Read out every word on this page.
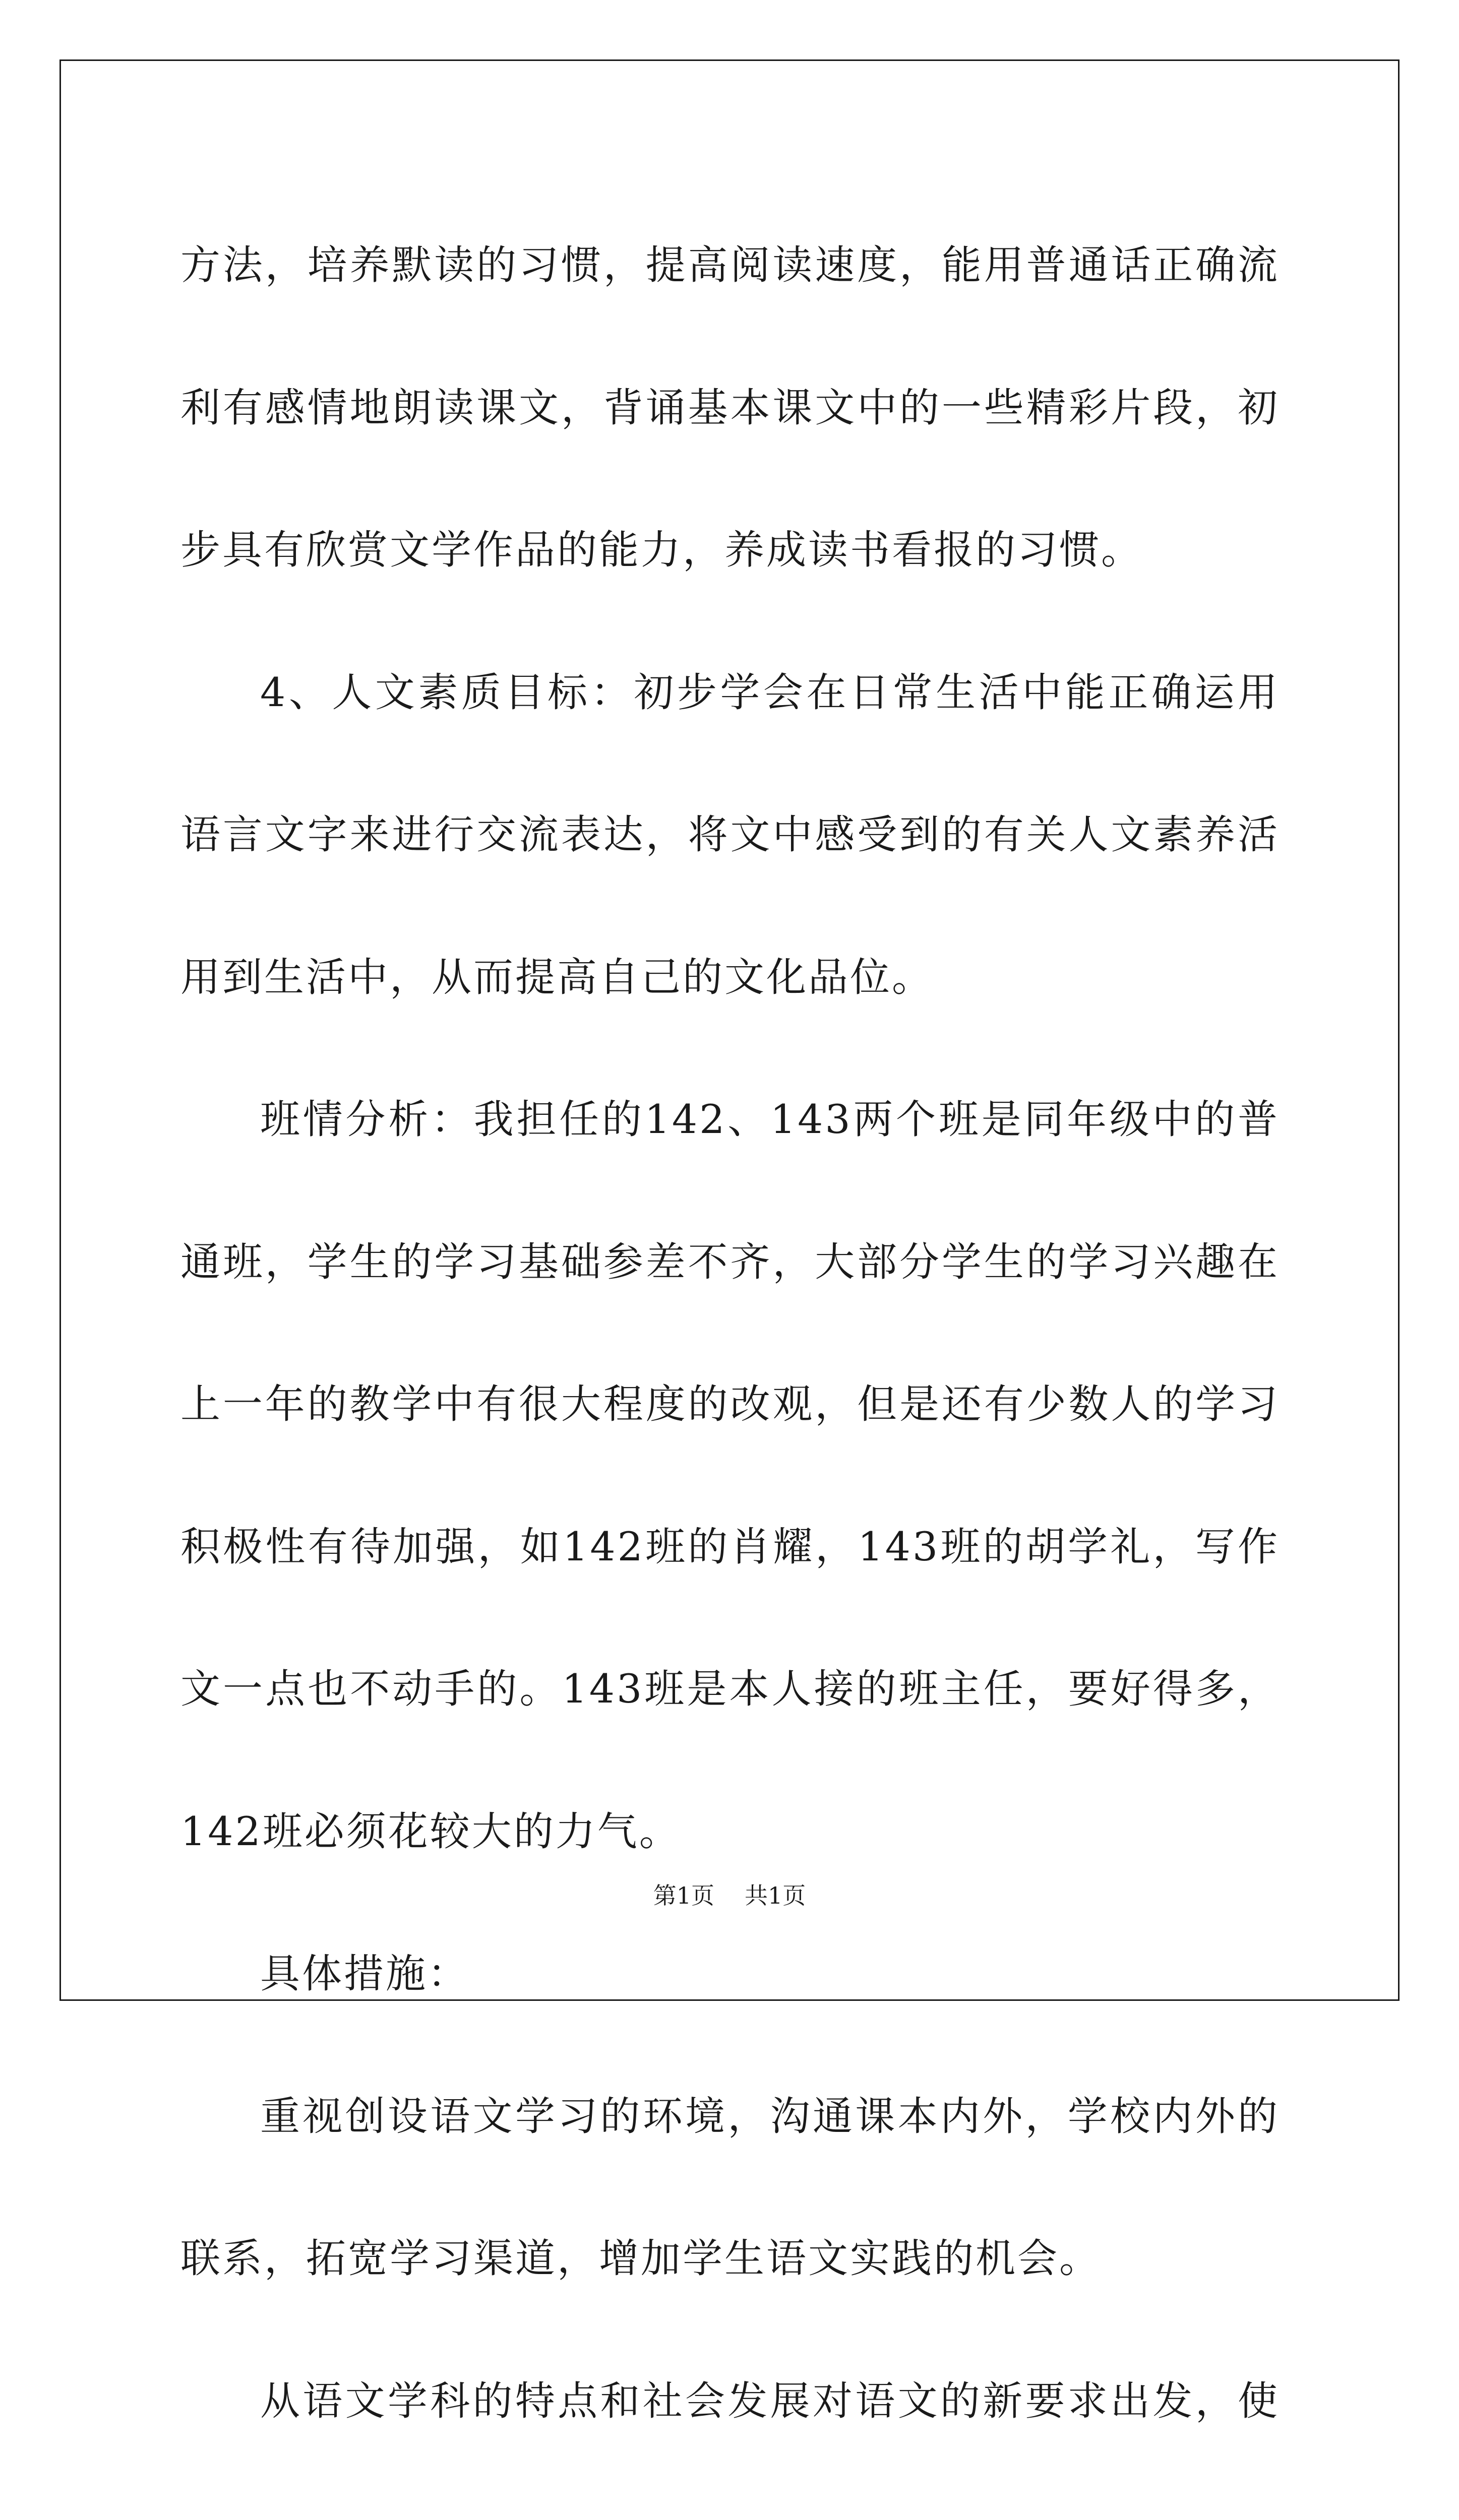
方法，培养默读的习惯，提高阅读速度，能用普通话正确流利有感情地朗读课文，背诵基本课文中的一些精彩片段，初步具有欣赏文学作品的能力，养成读书看报的习惯。

4、人文素质目标：初步学会在日常生活中能正确运用语言文字来进行交流表达，将文中感受到的有关人文素养活用到生活中，从而提高自己的文化品位。

班情分析：我担任的142、143两个班是同年级中的普通班，学生的学习基础参差不齐，大部分学生的学习兴趣在上一年的教学中有很大程度的改观，但是还有少数人的学习积极性有待加强，如142班的肖耀，143班的胡学礼，写作文一点也不动手的。143班是本人接的班主任，要好得多，142班必须花较大的力气。

具体措施：

重视创设语文学习的环境，沟通课本内外，学校内外的联系，拓宽学习渠道，增加学生语文实践的机会。

从语文学科的特点和社会发展对语文的新要求出发，使

第1页 共1页
